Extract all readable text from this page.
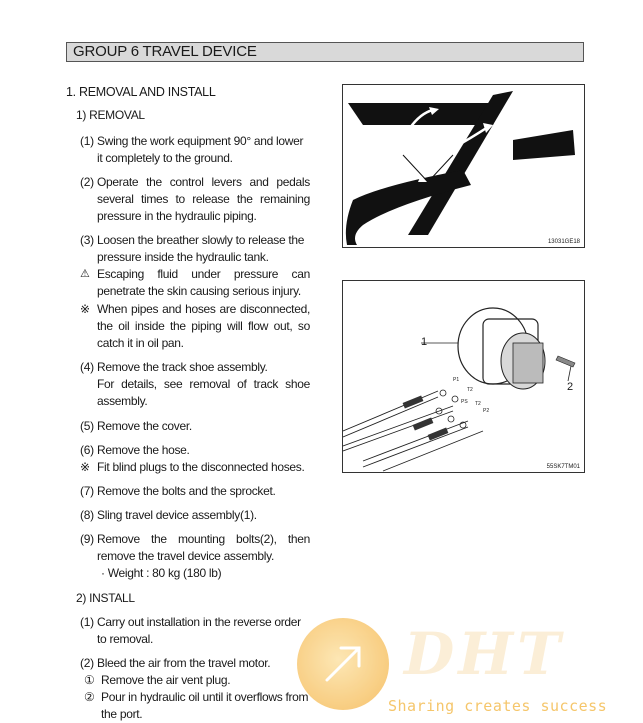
GROUP 6 TRAVEL DEVICE
1. REMOVAL AND INSTALL
1) REMOVAL
(1) Swing the work equipment 90° and lower it completely to the ground.
(2) Operate the control levers and pedals several times to release the remaining pressure in the hydraulic piping.
(3) Loosen the breather slowly to release the pressure inside the hydraulic tank.
⚠ Escaping fluid under pressure can penetrate the skin causing serious injury.
※ When pipes and hoses are disconnected, the oil inside the piping will flow out, so catch it in oil pan.
(4) Remove the track shoe assembly.
For details, see removal of track shoe assembly.
(5) Remove the cover.
(6) Remove the hose.
※ Fit blind plugs to the disconnected hoses.
(7) Remove the bolts and the sprocket.
(8) Sling travel device assembly(1).
(9) Remove the mounting bolts(2), then remove the travel device assembly.
· Weight : 80 kg (180 lb)
2) INSTALL
(1) Carry out installation in the reverse order to removal.
(2) Bleed the air from the travel motor.
① Remove the air vent plug.
② Pour in hydraulic oil until it overflows from the port.
13031GE18
1
2
P1
T2
PS T2
P2
55SK7TM01
DHT
Sharing creates success
